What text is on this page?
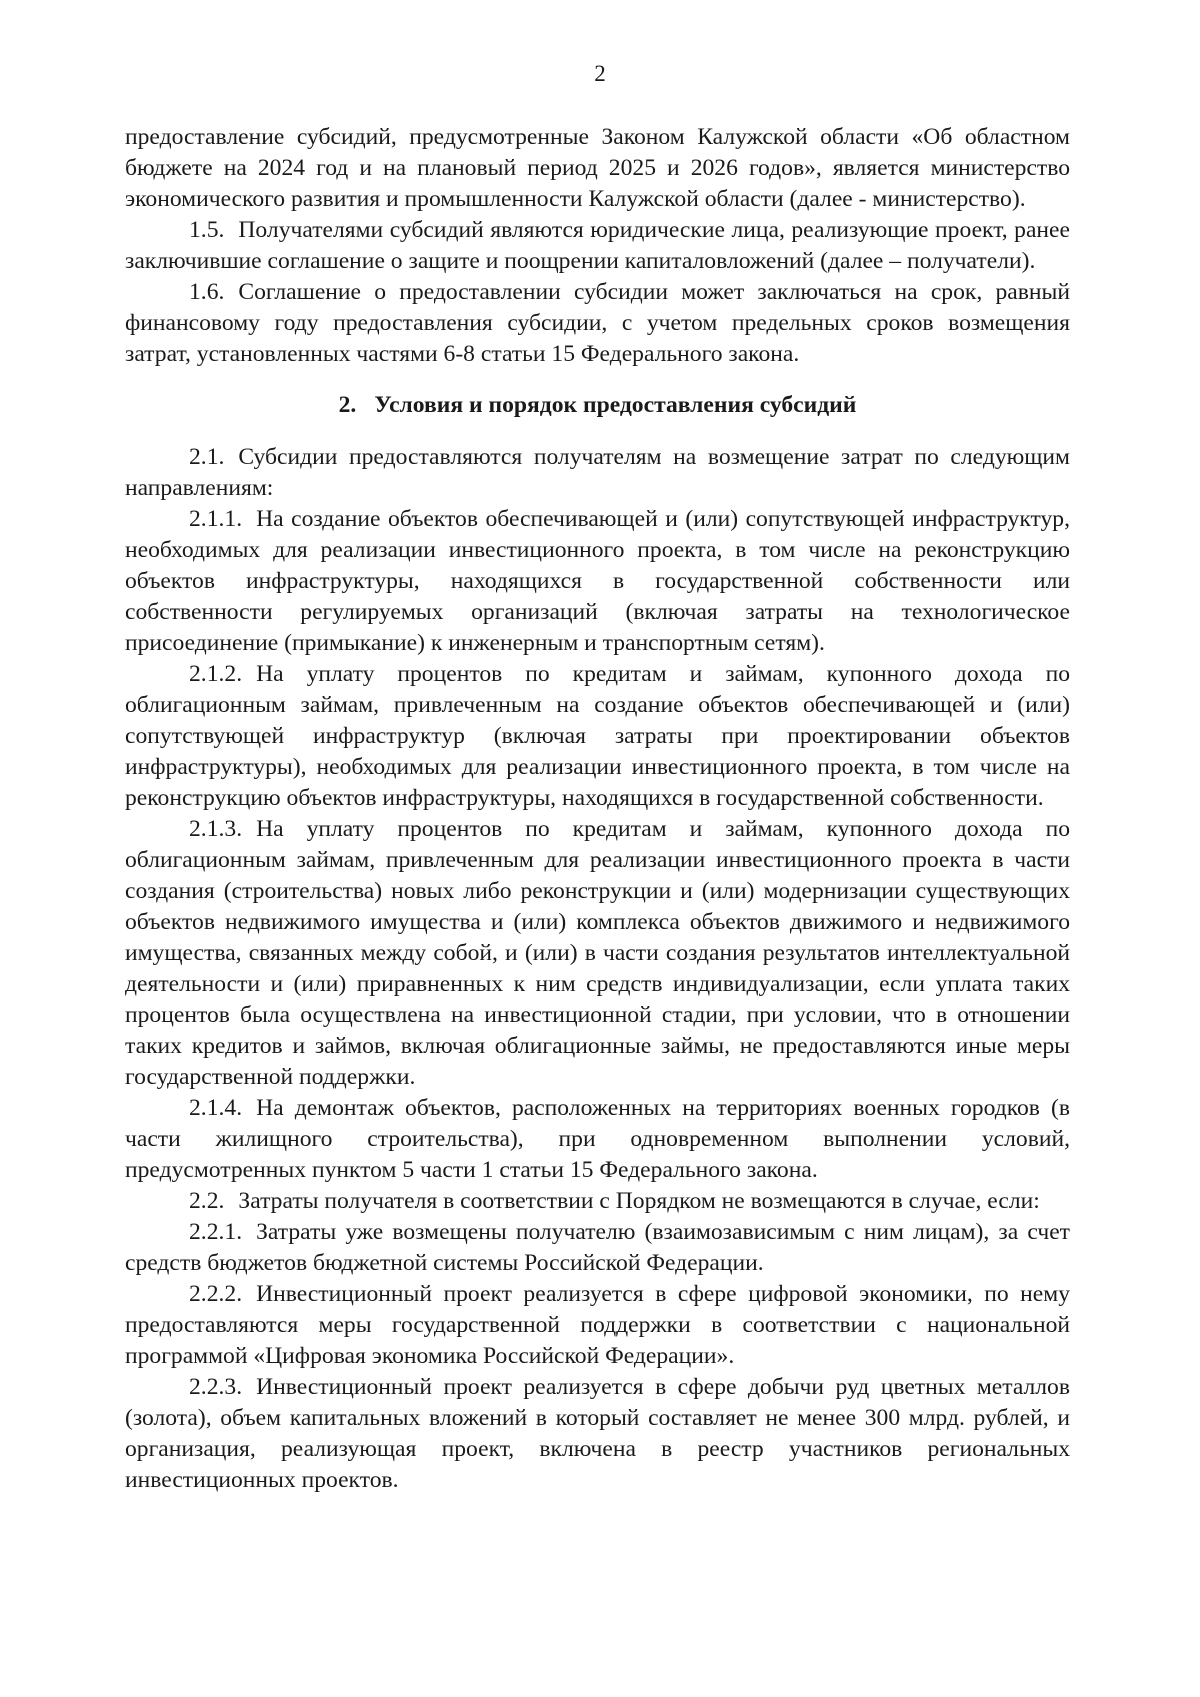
2

предоставление субсидий, предусмотренные Законом Калужской области «Об областном бюджете на 2024 год и на плановый период 2025 и 2026 годов», является министерство экономического развития и промышленности Калужской области (далее - министерство).

1.5. Получателями субсидий являются юридические лица, реализующие проект, ранее заключившие соглашение о защите и поощрении капиталовложений (далее – получатели).

1.6. Соглашение о предоставлении субсидии может заключаться на срок, равный финансовому году предоставления субсидии, с учетом предельных сроков возмещения затрат, установленных частями 6-8 статьи 15 Федерального закона.

2. Условия и порядок предоставления субсидий

2.1. Субсидии предоставляются получателям на возмещение затрат по следующим направлениям:

2.1.1. На создание объектов обеспечивающей и (или) сопутствующей инфраструктур, необходимых для реализации инвестиционного проекта, в том числе на реконструкцию объектов инфраструктуры, находящихся в государственной собственности или собственности регулируемых организаций (включая затраты на технологическое присоединение (примыкание) к инженерным и транспортным сетям).

2.1.2. На уплату процентов по кредитам и займам, купонного дохода по облигационным займам, привлеченным на создание объектов обеспечивающей и (или) сопутствующей инфраструктур (включая затраты при проектировании объектов инфраструктуры), необходимых для реализации инвестиционного проекта, в том числе на реконструкцию объектов инфраструктуры, находящихся в государственной собственности.

2.1.3. На уплату процентов по кредитам и займам, купонного дохода по облигационным займам, привлеченным для реализации инвестиционного проекта в части создания (строительства) новых либо реконструкции и (или) модернизации существующих объектов недвижимого имущества и (или) комплекса объектов движимого и недвижимого имущества, связанных между собой, и (или) в части создания результатов интеллектуальной деятельности и (или) приравненных к ним средств индивидуализации, если уплата таких процентов была осуществлена на инвестиционной стадии, при условии, что в отношении таких кредитов и займов, включая облигационные займы, не предоставляются иные меры государственной поддержки.

2.1.4. На демонтаж объектов, расположенных на территориях военных городков (в части жилищного строительства), при одновременном выполнении условий, предусмотренных пунктом 5 части 1 статьи 15 Федерального закона.

2.2. Затраты получателя в соответствии с Порядком не возмещаются в случае, если:

2.2.1. Затраты уже возмещены получателю (взаимозависимым с ним лицам), за счет средств бюджетов бюджетной системы Российской Федерации.

2.2.2. Инвестиционный проект реализуется в сфере цифровой экономики, по нему предоставляются меры государственной поддержки в соответствии с национальной программой «Цифровая экономика Российской Федерации».

2.2.3. Инвестиционный проект реализуется в сфере добычи руд цветных металлов (золота), объем капитальных вложений в который составляет не менее 300 млрд. рублей, и организация, реализующая проект, включена в реестр участников региональных инвестиционных проектов.
